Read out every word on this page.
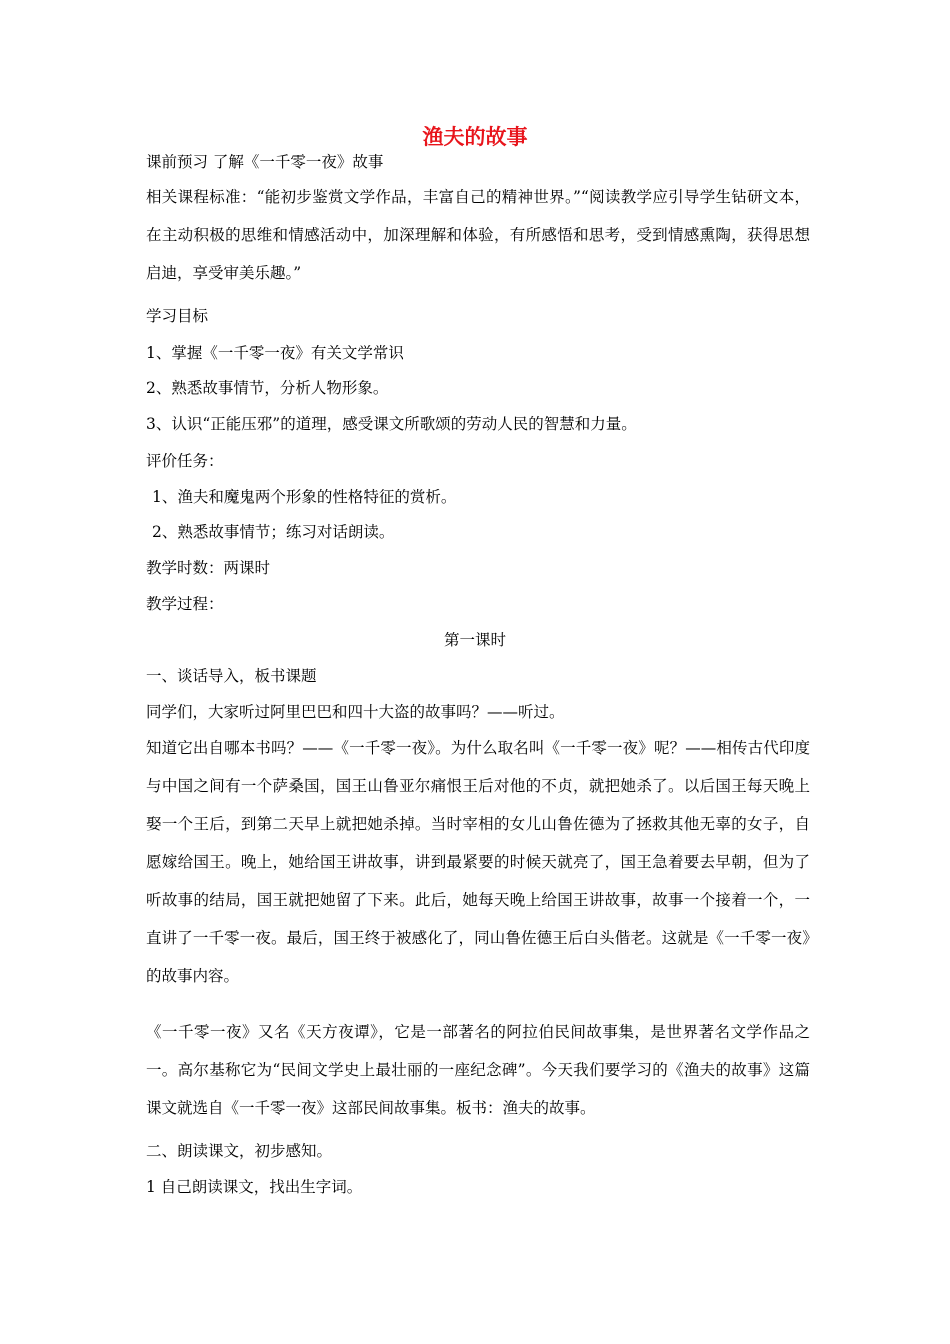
渔夫的故事
课前预习 了解《一千零一夜》故事
相关课程标准：“能初步鉴赏文学作品，丰富自己的精神世界。”“阅读教学应引导学生钻研文本，在主动积极的思维和情感活动中，加深理解和体验，有所感悟和思考，受到情感熏陶，获得思想启迪，享受审美乐趣。”
学习目标
1、掌握《一千零一夜》有关文学常识
2、熟悉故事情节，分析人物形象。
3、认识“正能压邪”的道理，感受课文所歌颂的劳动人民的智慧和力量。
评价任务：
1、渔夫和魔鬼两个形象的性格特征的赏析。
2、熟悉故事情节；练习对话朗读。
教学时数：两课时
教学过程：
第一课时
一、谈话导入，板书课题
同学们，大家听过阿里巴巴和四十大盗的故事吗？——听过。
知道它出自哪本书吗？——《一千零一夜》。为什么取名叫《一千零一夜》呢？——相传古代印度与中国之间有一个萨桑国，国王山鲁亚尔痛恨王后对他的不贞，就把她杀了。以后国王每天晚上娶一个王后，到第二天早上就把她杀掉。当时宰相的女儿山鲁佐德为了拯救其他无辜的女子，自愿嫁给国王。晚上，她给国王讲故事，讲到最紧要的时候天就亮了，国王急着要去早朝，但为了听故事的结局，国王就把她留了下来。此后，她每天晚上给国王讲故事，故事一个接着一个，一直讲了一千零一夜。最后，国王终于被感化了，同山鲁佐德王后白头偕老。这就是《一千零一夜》的故事内容。
《一千零一夜》又名《天方夜谭》，它是一部著名的阿拉伯民间故事集，是世界著名文学作品之一。高尔基称它为“民间文学史上最壮丽的一座纪念碑”。今天我们要学习的《渔夫的故事》这篇课文就选自《一千零一夜》这部民间故事集。板书：渔夫的故事。
二、朗读课文，初步感知。
1 自己朗读课文，找出生字词。
